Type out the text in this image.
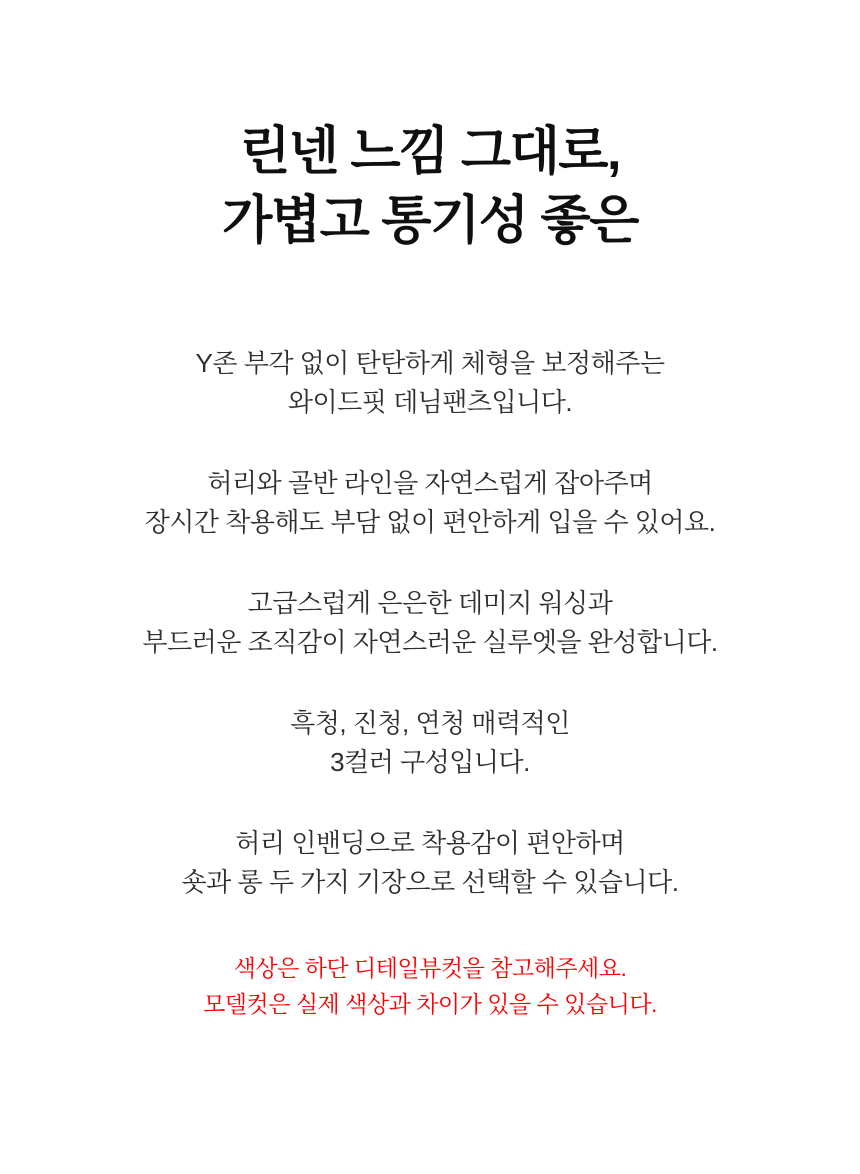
린넨 느낌 그대로,
가볍고 통기성 좋은

Y존 부각 없이 탄탄하게 체형을 보정해주는
와이드핏 데님팬츠입니다.

허리와 골반 라인을 자연스럽게 잡아주며
장시간 착용해도 부담 없이 편안하게 입을 수 있어요.

고급스럽게 은은한 데미지 워싱과
부드러운 조직감이 자연스러운 실루엣을 완성합니다.

흑청, 진청, 연청 매력적인
3컬러 구성입니다.

허리 인밴딩으로 착용감이 편안하며
숏과 롱 두 가지 기장으로 선택할 수 있습니다.

색상은 하단 디테일뷰컷을 참고해주세요.
모델컷은 실제 색상과 차이가 있을 수 있습니다.
